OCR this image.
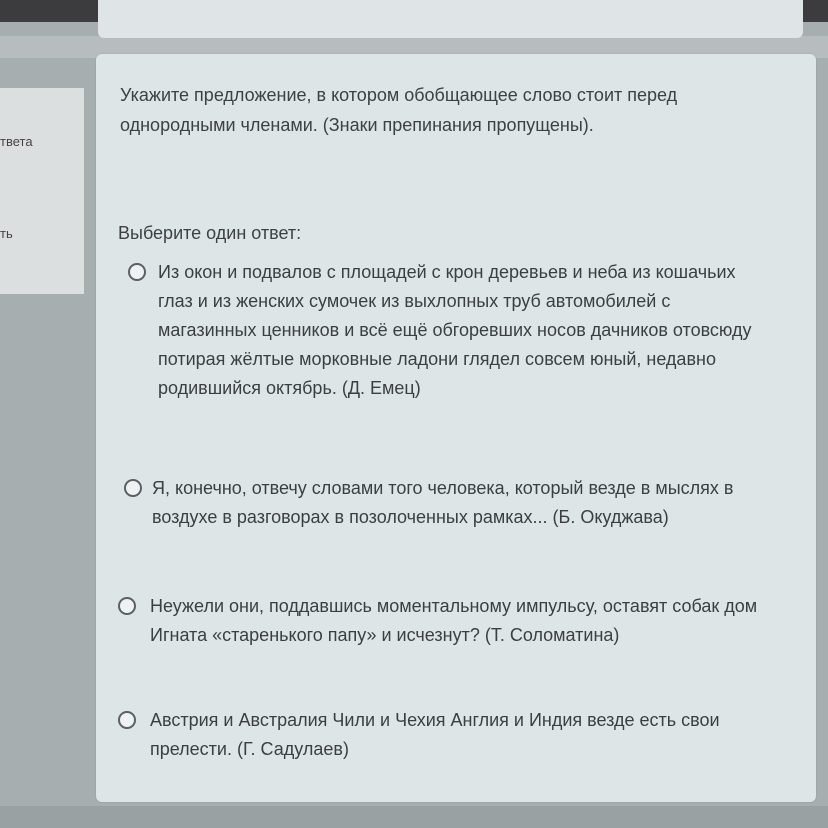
твета
ть
Укажите предложение, в котором обобщающее слово стоит перед однородными членами. (Знаки препинания пропущены).
Выберите один ответ:
Из окон и подвалов с площадей с крон деревьев и неба из кошачьих глаз и из женских сумочек из выхлопных труб автомобилей с магазинных ценников и всё ещё обгоревших носов дачников отовсюду потирая жёлтые морковные ладони глядел совсем юный, недавно родившийся октябрь. (Д. Емец)
Я, конечно, отвечу словами того человека, который везде в мыслях в воздухе в разговорах в позолоченных рамках... (Б. Окуджава)
Неужели они, поддавшись моментальному импульсу, оставят собак дом Игната «старенького папу» и исчезнут? (Т. Соломатина)
Австрия и Австралия Чили и Чехия Англия и Индия везде есть свои прелести. (Г. Садулаев)
